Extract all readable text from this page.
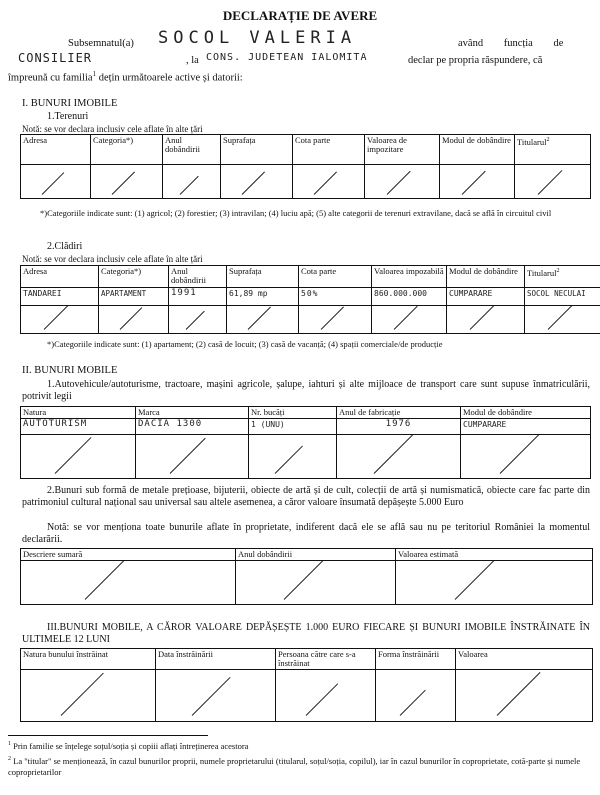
DECLARAȚIE DE AVERE
Subsemnatul(a) SOCOL VALERIA	având funcția de
CONSILIER	, la CONS. JUDETEAN IALOMITA	declar pe propria răspundere, că
împreună cu familia$^1$ dețin următoarele active și datorii:
I. BUNURI IMOBILE
1.Terenuri
Notă: se vor declara inclusiv cele aflate în alte țări
Adresa	Categoria*)	Anul dobândirii	Suprafața	Cota parte	Valoarea de impozitare	Modul de dobândire	Titularul$^2$

*)Categoriile indicate sunt: (1) agricol; (2) forestier; (3) intravilan; (4) luciu apă; (5) alte categorii de terenuri extravilane, dacă se află în circuitul civil
2.Clădiri
Notă: se vor declara inclusiv cele aflate în alte țări
Adresa	Categoria*)	Anul dobândirii	Suprafața	Cota parte	Valoarea impozabilă	Modul de dobândire	Titularul$^2$
TANDAREI	APARTAMENT	1991	61,89 mp	50%	860.000.000	CUMPARARE	SOCOL NECULAI

*)Categoriile indicate sunt: (1) apartament; (2) casă de locuit; (3) casă de vacanță; (4) spații comerciale/de producție
II. BUNURI MOBILE
1.Autovehicule/autoturisme, tractoare, mașini agricole, șalupe, iahturi și alte mijloace de transport care sunt supuse înmatriculării, potrivit legii
Natura	Marca	Nr. bucăți	Anul de fabricație	Modul de dobândire
AUTOTURISM	DACIA 1300	1 (UNU)	1976	CUMPARARE

2.Bunuri sub formă de metale prețioase, bijuterii, obiecte de artă și de cult, colecții de artă și numismatică, obiecte care fac parte din patrimoniul cultural național sau universal sau altele asemenea, a căror valoare însumată depășește 5.000 Euro
Notă: se vor menționa toate bunurile aflate în proprietate, indiferent dacă ele se află sau nu pe teritoriul României la momentul declarării.
Descriere sumară	Anul dobândirii	Valoarea estimată

III.BUNURI MOBILE, A CĂROR VALOARE DEPĂȘEȘTE 1.000 EURO FIECARE ȘI BUNURI IMOBILE ÎNSTRĂINATE ÎN ULTIMELE 12 LUNI
Natura bunului înstrăinat	Data înstrăinării	Persoana către care s-a înstrăinat	Forma înstrăinării	Valoarea

$^1$ Prin familie se înțelege soțul/soția și copiii aflați întreținerea acestora
$^2$ La "titular" se menționează, în cazul bunurilor proprii, numele proprietarului (titularul, soțul/soția, copilul), iar în cazul bunurilor în coproprietate, cotă-parte și numele coproprietarilor
